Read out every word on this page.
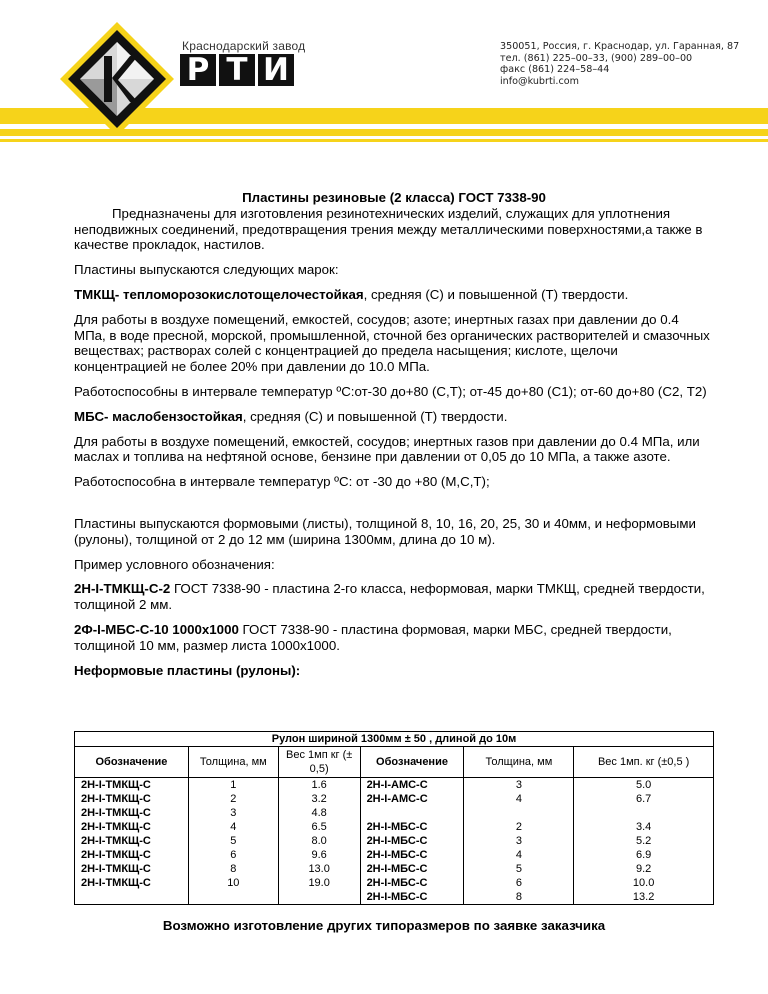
Краснодарский завод
Р Т И
350051, Россия, г. Краснодар, ул. Гаранная, 87
тел. (861) 225–00–33, (900) 289–00–00
факс (861) 224–58–44
info@kubrti.com
Пластины резиновые (2 класса) ГОСТ 7338-90

Предназначены для изготовления резинотехнических изделий, служащих для уплотнения неподвижных соединений, предотвращения трения между металлическими поверхностями,а также в качестве прокладок, настилов.

Пластины выпускаются следующих марок:

ТМКЩ- тепломорозокислотощелочестойкая, средняя (С) и повышенной (Т) твердости.

Для работы в воздухе помещений, емкостей, сосудов; азоте; инертных газах при давлении до 0.4 МПа, в воде пресной, морской, промышленной, сточной без органических растворителей и смазочных веществах; растворах солей с концентрацией до предела насыщения; кислоте, щелочи концентрацией не более 20% при давлении до 10.0 МПа.

Работоспособны в интервале температур ºС:от-30 до+80 (С,Т); от-45 до+80 (С1); от-60 до+80 (С2, Т2)

МБС- маслобензостойкая, средняя (С) и повышенной (Т) твердости.

Для работы в воздухе помещений, емкостей, сосудов; инертных газов при давлении до 0.4 МПа, или маслах и топлива на нефтяной основе, бензине при давлении от 0,05 до 10 МПа, а также азоте.

Работоспособна в интервале температур ºС: от -30 до +80 (М,С,Т);

Пластины выпускаются формовыми (листы), толщиной 8, 10, 16, 20, 25, 30 и 40мм, и неформовыми (рулоны), толщиной от 2 до 12 мм (ширина 1300мм, длина до 10 м).

Пример условного обозначения:

2Н-I-ТМКЩ-С-2 ГОСТ 7338-90 - пластина 2-го класса, неформовая, марки ТМКЩ, средней твердости, толщиной 2 мм.

2Ф-I-МБС-С-10 1000х1000 ГОСТ 7338-90 - пластина формовая, марки МБС, средней твердости, толщиной 10 мм, размер листа 1000х1000.

Неформовые пластины (рулоны):

Рулон шириной 1300мм ± 50 , длиной до 10м					
Обозначение	Толщина, мм	Вес 1мп кг (± 0,5)	Обозначение	Толщина, мм	Вес 1мп. кг (±0,5 )
2Н-I-ТМКЩ-С	1	1.6	2Н-I-АМС-С	3	5.0
2Н-I-ТМКЩ-С	2	3.2	2Н-I-АМС-С	4	6.7
2Н-I-ТМКЩ-С	3	4.8			
2Н-I-ТМКЩ-С	4	6.5	2Н-I-МБС-С	2	3.4
2Н-I-ТМКЩ-С	5	8.0	2Н-I-МБС-С	3	5.2
2Н-I-ТМКЩ-С	6	9.6	2Н-I-МБС-С	4	6.9
2Н-I-ТМКЩ-С	8	13.0	2Н-I-МБС-С	5	9.2
2Н-I-ТМКЩ-С	10	19.0	2Н-I-МБС-С	6	10.0
			2Н-I-МБС-С	8	13.2
Возможно изготовление других типоразмеров по заявке заказчика
